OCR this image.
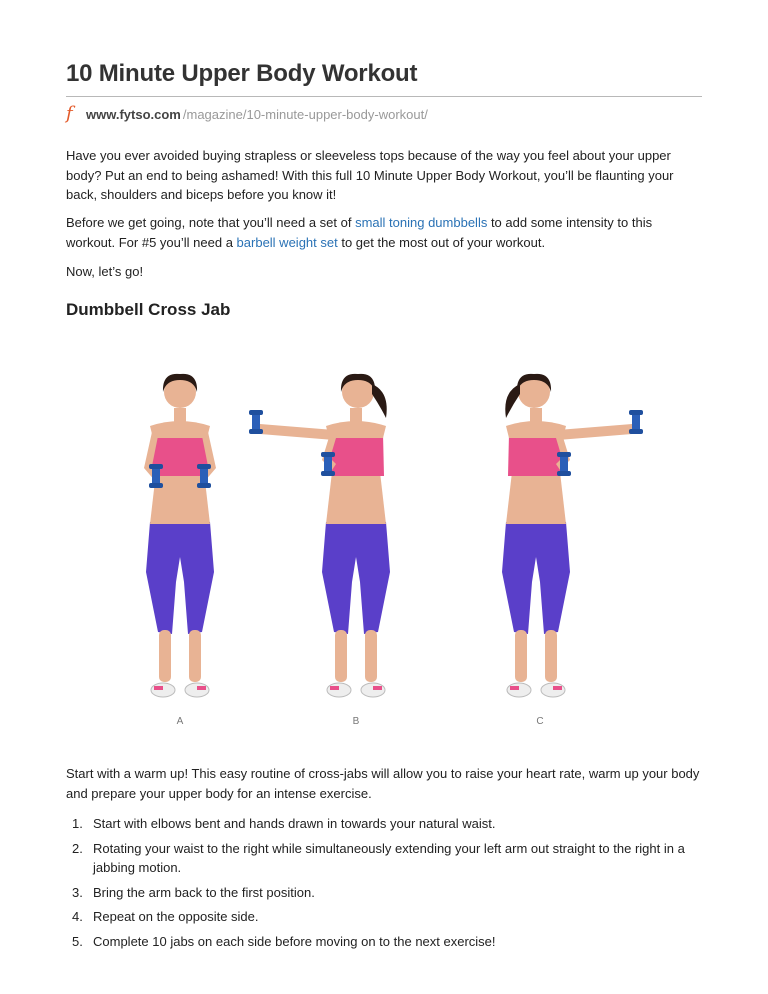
10 Minute Upper Body Workout
f	www.fytso.com /magazine/10-minute-upper-body-workout/

Have you ever avoided buying strapless or sleeveless tops because of the way you feel about your upper body? Put an end to being ashamed! With this full 10 Minute Upper Body Workout, you’ll be flaunting your back, shoulders and biceps before you know it!

Before we get going, note that you’ll need a set of small toning dumbbells to add some intensity to this workout. For #5 you’ll need a barbell weight set to get the most out of your workout.

Now, let’s go!

Dumbbell Cross Jab

Start with a warm up! This easy routine of cross-jabs will allow you to raise your heart rate, warm up your body and prepare your upper body for an intense exercise.

1. Start with elbows bent and hands drawn in towards your natural waist.
2. Rotating your waist to the right while simultaneously extending your left arm out straight to the right in a jabbing motion.
3. Bring the arm back to the first position.
4. Repeat on the opposite side.
5. Complete 10 jabs on each side before moving on to the next exercise!
A	B	C
